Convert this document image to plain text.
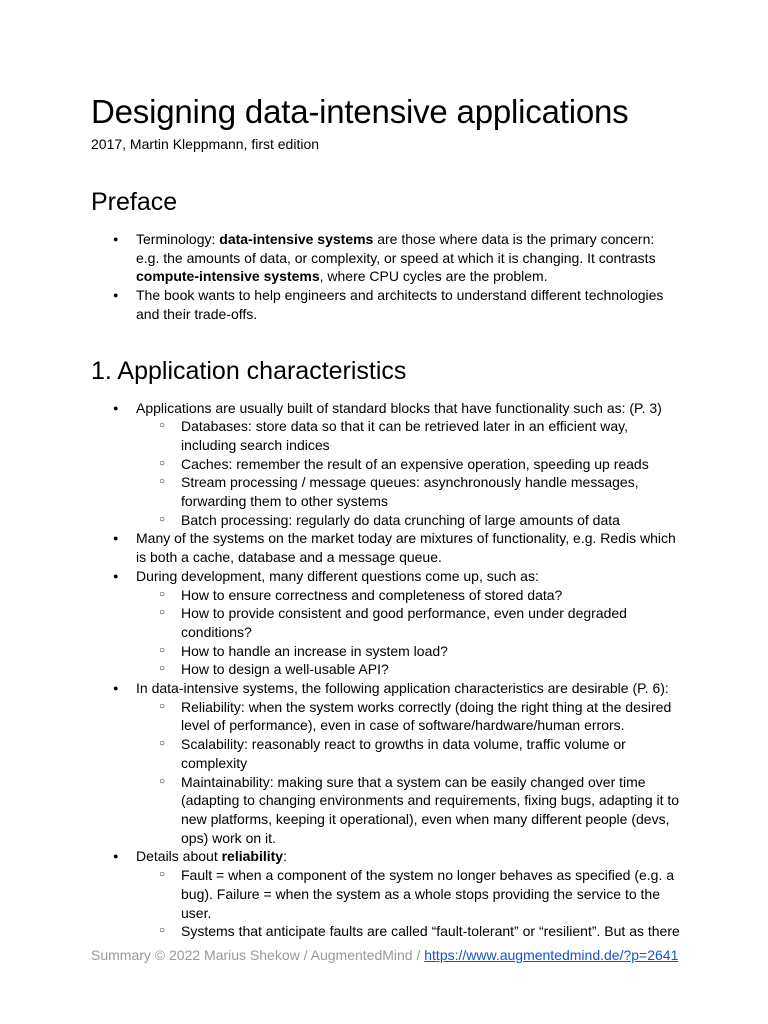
Designing data-intensive applications
2017, Martin Kleppmann, first edition
Preface
● Terminology: data-intensive systems are those where data is the primary concern: e.g. the amounts of data, or complexity, or speed at which it is changing. It contrasts compute-intensive systems, where CPU cycles are the problem.
● The book wants to help engineers and architects to understand different technologies and their trade-offs.
1. Application characteristics
● Applications are usually built of standard blocks that have functionality such as: (P. 3)
○ Databases: store data so that it can be retrieved later in an efficient way, including search indices
○ Caches: remember the result of an expensive operation, speeding up reads
○ Stream processing / message queues: asynchronously handle messages, forwarding them to other systems
○ Batch processing: regularly do data crunching of large amounts of data
● Many of the systems on the market today are mixtures of functionality, e.g. Redis which is both a cache, database and a message queue.
● During development, many different questions come up, such as:
○ How to ensure correctness and completeness of stored data?
○ How to provide consistent and good performance, even under degraded conditions?
○ How to handle an increase in system load?
○ How to design a well-usable API?
● In data-intensive systems, the following application characteristics are desirable (P. 6):
○ Reliability: when the system works correctly (doing the right thing at the desired level of performance), even in case of software/hardware/human errors.
○ Scalability: reasonably react to growths in data volume, traffic volume or complexity
○ Maintainability: making sure that a system can be easily changed over time (adapting to changing environments and requirements, fixing bugs, adapting it to new platforms, keeping it operational), even when many different people (devs, ops) work on it.
● Details about reliability:
○ Fault = when a component of the system no longer behaves as specified (e.g. a bug). Failure = when the system as a whole stops providing the service to the user.
○ Systems that anticipate faults are called “fault-tolerant” or “resilient”. But as there
Summary © 2022 Marius Shekow / AugmentedMind / https://www.augmentedmind.de/?p=2641
